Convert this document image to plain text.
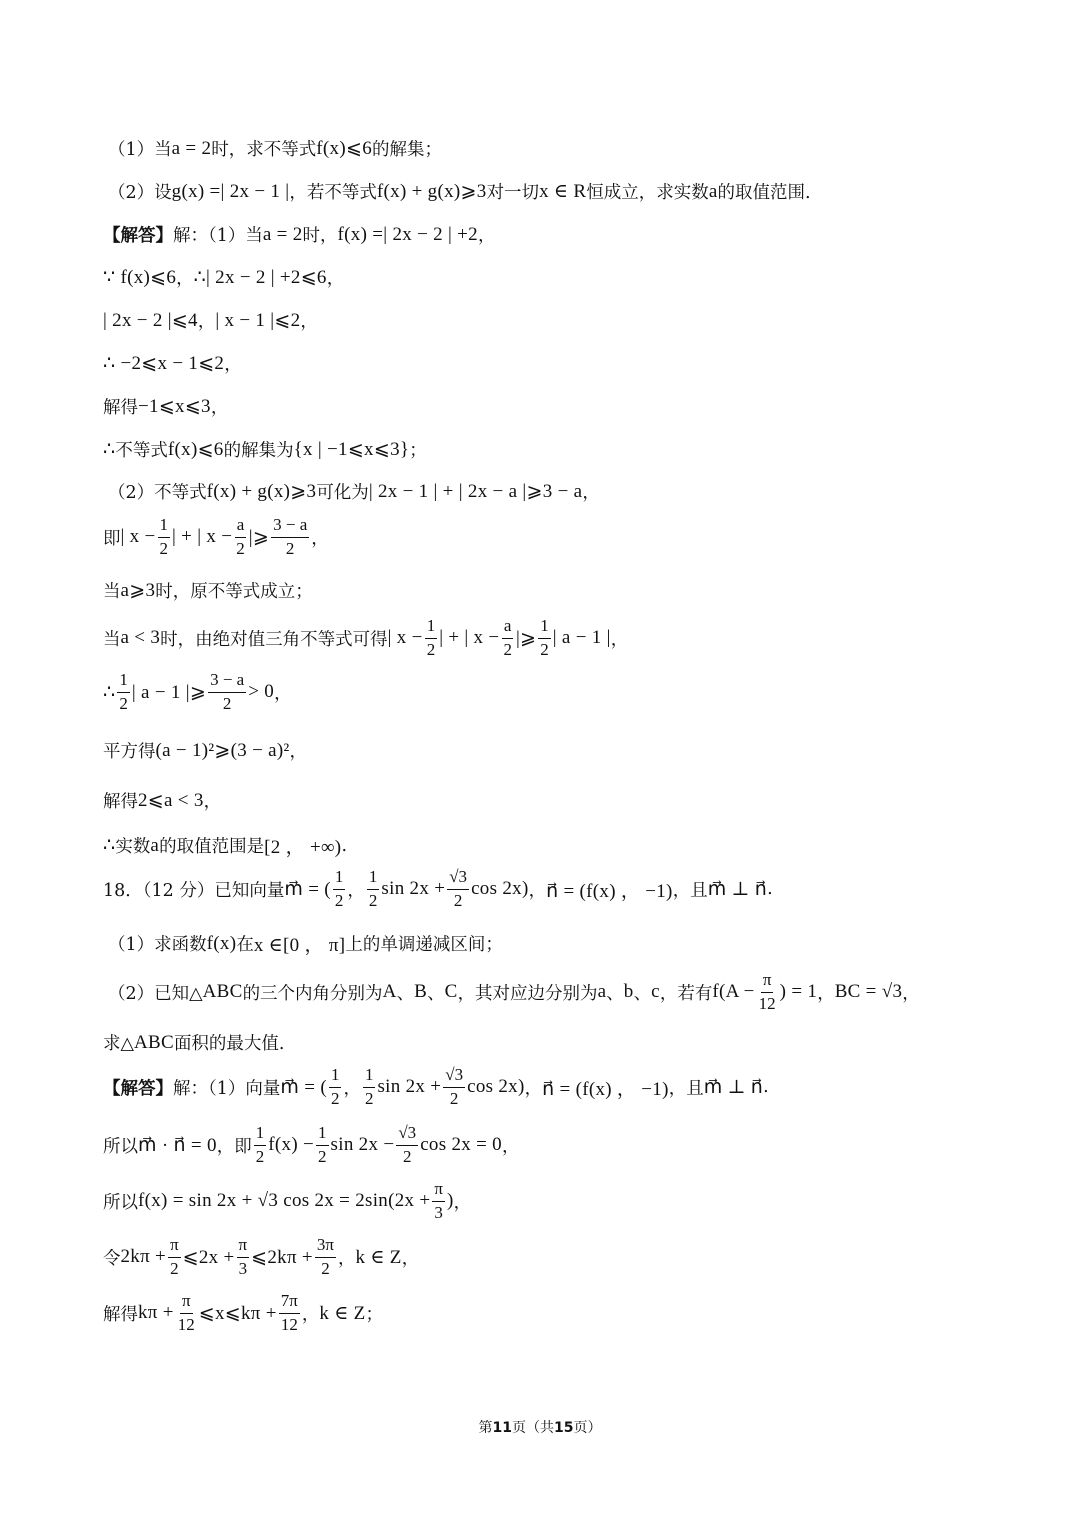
（1）当 a = 2 时，求不等式 f(x)⩽6 的解集；
（2）设 g(x) =| 2x − 1 | ，若不等式 f(x) + g(x)⩾3 对一切 x ∈ R 恒成立，求实数 a 的取值范围.
【解答】 解：（1）当 a = 2 时， f(x) =| 2x − 2 | +2 ，
∵ f(x)⩽6 ， ∴| 2x − 2 | +2⩽6 ，
| 2x − 2 |⩽4 ， | x − 1 |⩽2 ，
∴ −2⩽x − 1⩽2 ，
解得 −1⩽x⩽3 ，
∴ 不等式 f(x)⩽6 的解集为 {x | −1⩽x⩽3} ；
（2）不等式 f(x) + g(x)⩾3 可化为 | 2x − 1 | + | 2x − a |⩾3 − a ，
即 | $x - \frac{1}{2}$ | + | $x - \frac{a}{2}$ |⩾ $\frac{3 - a}{2}$ ，
当 a⩾3 时，原不等式成立；
当 a < 3 时，由绝对值三角不等式可得 | $x - \frac{1}{2}$ | + | $x - \frac{a}{2}$ |⩾ $\frac{1}{2}$ | a − 1 | ，
∴ $\frac{1}{2}$ | a − 1 |⩾ $\frac{3 - a}{2} > 0$ ，
平方得 (a − 1)²⩾(3 − a)² ，
解得 2⩽a < 3 ，
∴ 实数 a 的取值范围是 [2 ， +∞) .
18．（12 分）已知向量 m⃗ = ( $\frac{1}{2}$ ， $\frac{1}{2}$ $\sin 2x + \frac{√3}{2}$ cos 2x) ， n⃗ = (f(x) ， −1) ，且 m⃗ ⊥ n⃗ .
（1）求函数 f(x) 在 x ∈[0 ， π] 上的单调递减区间；
（2）已知△ ABC 的三个内角分别为 A 、 B 、 C ，其对应边分别为 a 、 b 、 c ，若有 $f(A - \frac{\pi}{12}$ ) = 1 ， BC = √3 ，
求△ ABC 面积的最大值.
【解答】 解：（1）向量 m⃗ = ( $\frac{1}{2}$ ， $\frac{1}{2}$ $\sin 2x + \frac{√3}{2}$ cos 2x) ， n⃗ = (f(x) ， −1) ，且 m⃗ ⊥ n⃗ .
所以 m⃗ · n⃗ = 0 ，即 $\frac{1}{2} f(x) - \frac{1}{2}$ $\sin 2x - \frac{√3}{2}$ cos 2x = 0 ，
所以 f(x) = sin 2x + √3 $\cos 2x = 2\sin(2x + \frac{\pi}{3}$ ) ，
令 $2k\pi + \frac{\pi}{2}$ ⩽2x + $\frac{\pi}{3}$ ⩽2kπ + $\frac{3\pi}{2}$ ， k ∈ Z ，
解得 $k\pi + \frac{\pi}{12}$ ⩽x⩽kπ + $\frac{7\pi}{12}$ ， k ∈ Z ；
第11页（共15页）
